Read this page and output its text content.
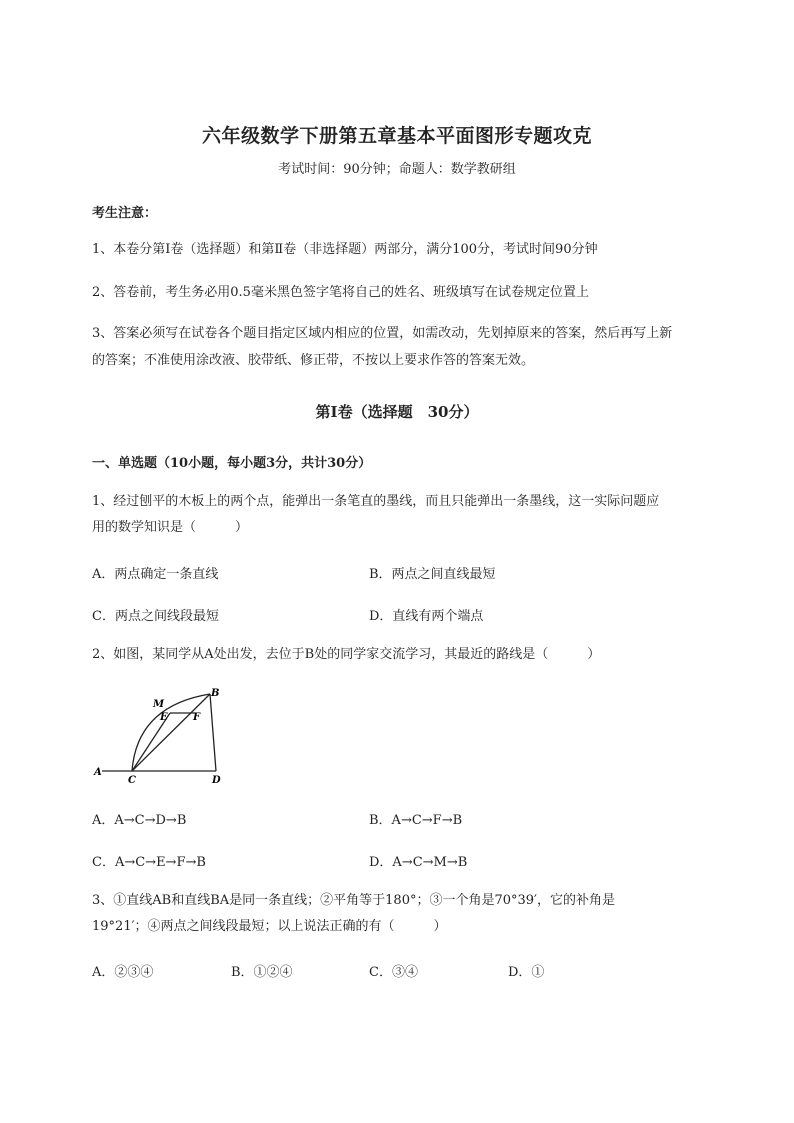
六年级数学下册第五章基本平面图形专题攻克
考试时间：90分钟；命题人：数学教研组
考生注意：
1、本卷分第I卷（选择题）和第Ⅱ卷（非选择题）两部分，满分100分，考试时间90分钟
2、答卷前，考生务必用0.5毫米黑色签字笔将自己的姓名、班级填写在试卷规定位置上
3、答案必须写在试卷各个题目指定区域内相应的位置，如需改动，先划掉原来的答案，然后再写上新
的答案；不准使用涂改液、胶带纸、修正带，不按以上要求作答的答案无效。
第I卷（选择题　30分）
一、单选题（10小题，每小题3分，共计30分）
1、经过刨平的木板上的两个点，能弹出一条笔直的墨线，而且只能弹出一条墨线，这一实际问题应
用的数学知识是（　　　）
A．两点确定一条直线	B．两点之间直线最短
C．两点之间线段最短	D．直线有两个端点
2、如图，某同学从A处出发，去位于B处的同学家交流学习，其最近的路线是（　　　）
A
C	D
B
M
E	F
A．A→C→D→B	B．A→C→F→B
C．A→C→E→F→B	D．A→C→M→B
3、①直线AB和直线BA是同一条直线；②平角等于180°；③一个角是70°39′，它的补角是
19°21′；④两点之间线段最短；以上说法正确的有（　　　）
A．②③④	B．①②④	C．③④	D．①
